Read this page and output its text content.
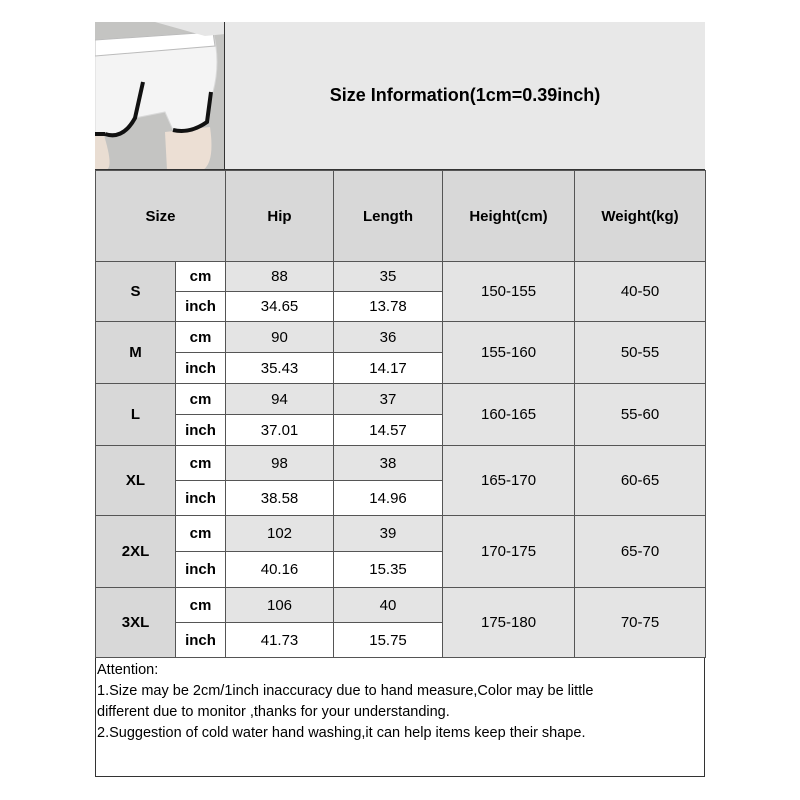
Size Information(1cm=0.39inch)
Size		Hip	Length	Height(cm)	Weight(kg)
S	cm	88	35	150-155	40-50
	inch	34.65	13.78		
M	cm	90	36	155-160	50-55
	inch	35.43	14.17		
L	cm	94	37	160-165	55-60
	inch	37.01	14.57		
XL	cm	98	38	165-170	60-65
	inch	38.58	14.96		
2XL	cm	102	39	170-175	65-70
	inch	40.16	15.35		
3XL	cm	106	40	175-180	70-75
	inch	41.73	15.75		
Attention:
1.Size may be 2cm/1inch inaccuracy due to hand measure,Color may be little
different due to monitor ,thanks for your understanding.
2.Suggestion of cold water hand washing,it can help items keep their shape.
